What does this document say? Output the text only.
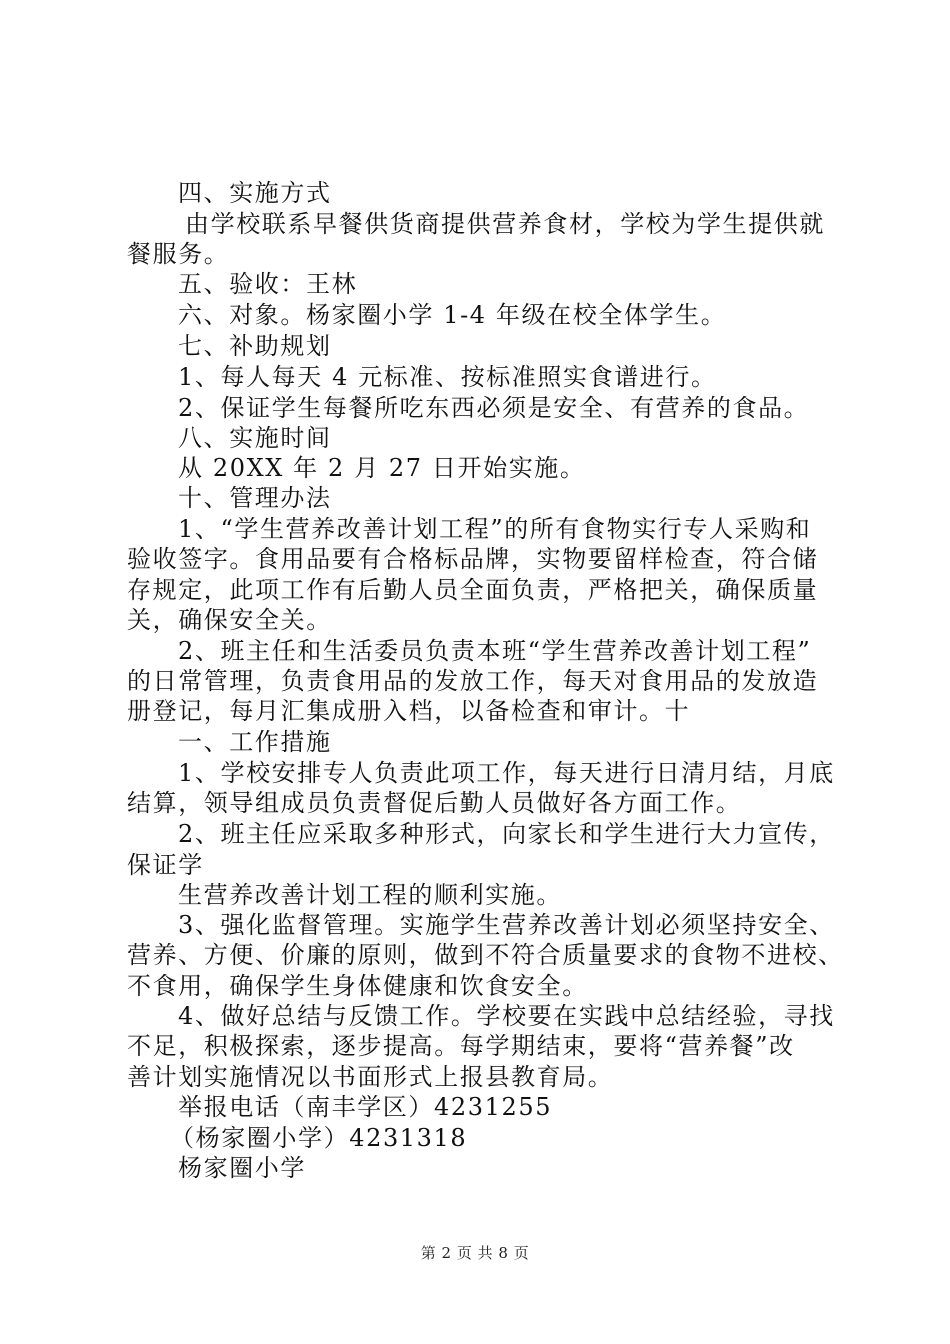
四、实施方式
由学校联系早餐供货商提供营养食材，学校为学生提供就
餐服务。
五、验收：王林
六、对象。杨家圈小学 1-4 年级在校全体学生。
七、补助规划
1、每人每天 4 元标准、按标准照实食谱进行。
2、保证学生每餐所吃东西必须是安全、有营养的食品。
八、实施时间
从 20XX 年 2 月 27 日开始实施。
十、管理办法
1、“学生营养改善计划工程”的所有食物实行专人采购和
验收签字。食用品要有合格标品牌，实物要留样检查，符合储
存规定，此项工作有后勤人员全面负责，严格把关，确保质量
关，确保安全关。
2、班主任和生活委员负责本班“学生营养改善计划工程”
的日常管理，负责食用品的发放工作，每天对食用品的发放造
册登记，每月汇集成册入档，以备检查和审计。十
一、工作措施
1、学校安排专人负责此项工作，每天进行日清月结，月底
结算，领导组成员负责督促后勤人员做好各方面工作。
2、班主任应采取多种形式，向家长和学生进行大力宣传，
保证学
生营养改善计划工程的顺利实施。
3、强化监督管理。实施学生营养改善计划必须坚持安全、
营养、方便、价廉的原则，做到不符合质量要求的食物不进校、
不食用，确保学生身体健康和饮食安全。
4、做好总结与反馈工作。学校要在实践中总结经验，寻找
不足，积极探索，逐步提高。每学期结束，要将“营养餐”改
善计划实施情况以书面形式上报县教育局。
举报电话（南丰学区）4231255
（杨家圈小学）4231318
杨家圈小学
第 2 页 共 8 页
